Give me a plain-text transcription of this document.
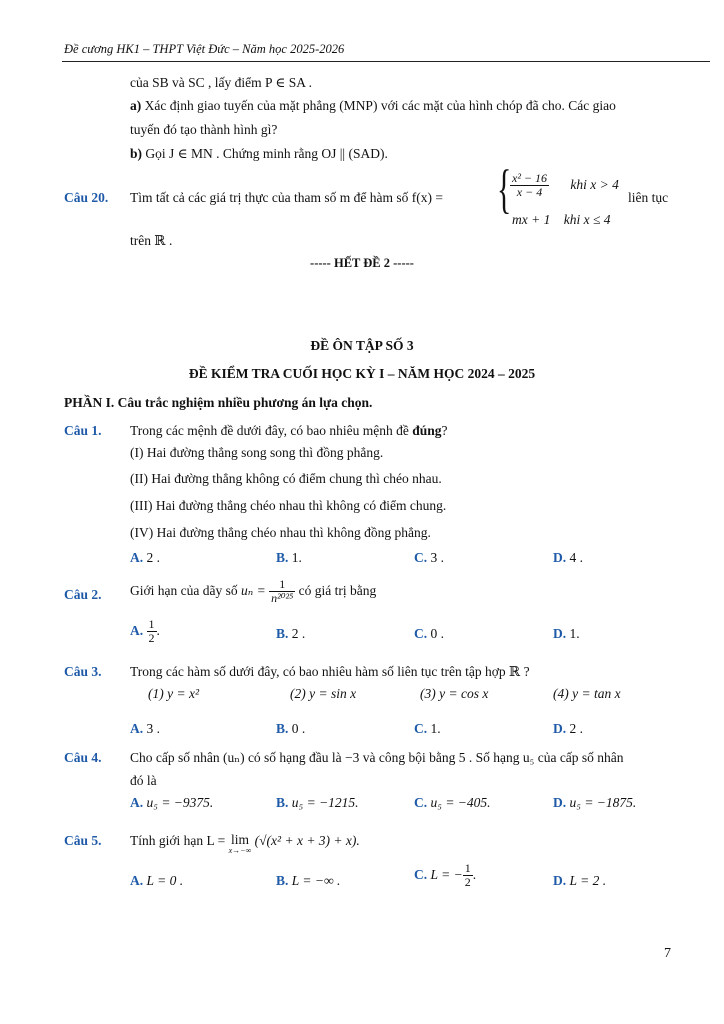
Đề cương HK1 – THPT Việt Đức – Năm học 2025-2026
của SB và SC , lấy điểm P ∈ SA .
a) Xác định giao tuyến của mặt phẳng (MNP) với các mặt của hình chóp đã cho. Các giao
tuyến đó tạo thành hình gì?
b) Gọi J ∈ MN . Chứng minh rằng OJ || (SAD).
Câu 20. Tìm tất cả các giá trị thực của tham số m để hàm số f(x) = {
$\frac{\text{x² − 16}}{x - 4}$ khi x > 4
mx + 1 khi x ≤ 4
liên tục
trên ℝ .
----- HẾT ĐỀ 2 -----
ĐỀ ÔN TẬP SỐ 3
ĐỀ KIỂM TRA CUỐI HỌC KỲ I – NĂM HỌC 2024 – 2025
PHẦN I. Câu trắc nghiệm nhiều phương án lựa chọn.
Câu 1. Trong các mệnh đề dưới đây, có bao nhiêu mệnh đề đúng?
(I) Hai đường thẳng song song thì đồng phẳng.
(II) Hai đường thẳng không có điểm chung thì chéo nhau.
(III) Hai đường thẳng chéo nhau thì không có điểm chung.
(IV) Hai đường thẳng chéo nhau thì không đồng phẳng.
A. 2 .	B. 1.	C. 3 .	D. 4 .
Câu 2. Giới hạn của dãy số $u_n = \frac{1}{\text{n²⁰²⁵}}$ có giá trị bằng
A. $\frac{1}{2}$ .	B. 2 .	C. 0 .	D. 1.
Câu 3. Trong các hàm số dưới đây, có bao nhiêu hàm số liên tục trên tập hợp ℝ ?
(1) y = x²	(2) y = sin x	(3) y = cos x	(4) y = tan x
A. 3 .	B. 0 .	C. 1.	D. 2 .
Câu 4. Cho cấp số nhân (uₙ) có số hạng đầu là −3 và công bội bằng 5 . Số hạng u₅ của cấp số nhân
đó là
A. u₅ = −9375.	B. u₅ = −1215.	C. u₅ = −405.	D. u₅ = −1875.
Câu 5. Tính giới hạn L = lim
x→−∞
(√(x² + x + 3) + x).
A. L = 0 .	B. L = −∞ .	C. L = − $\frac{1}{2}$ .	D. L = 2 .
7
